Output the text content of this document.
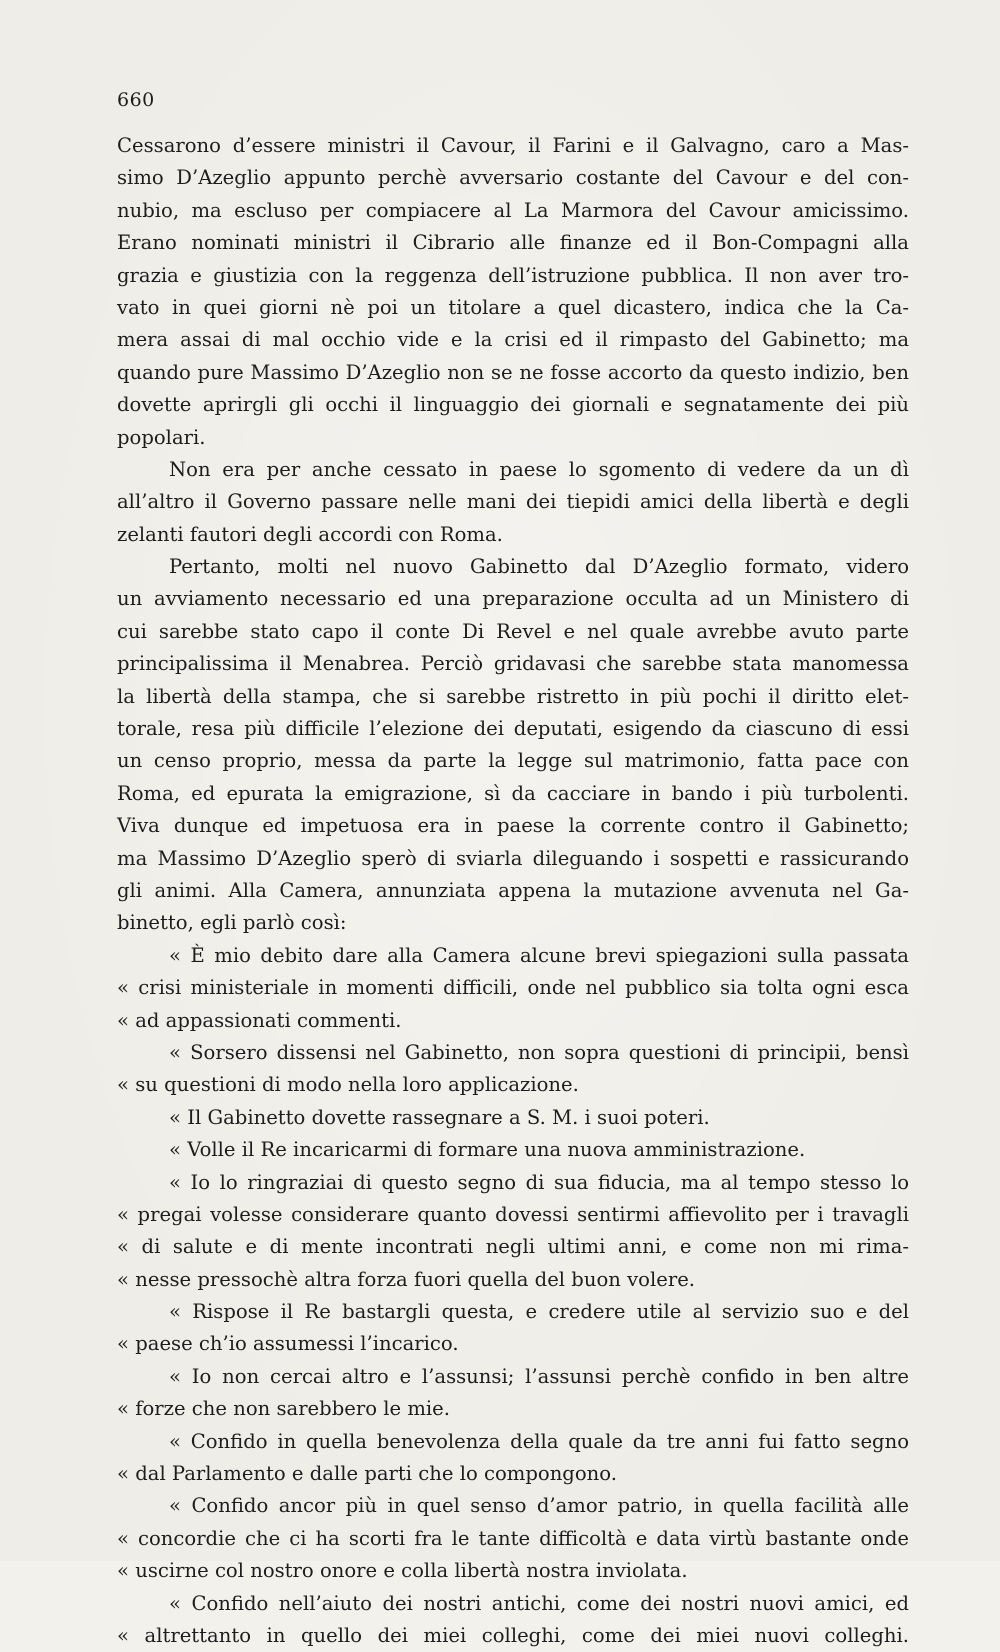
660
Cessarono d’essere ministri il Cavour, il Farini e il Galvagno, caro a Mas-
simo D’Azeglio appunto perchè avversario costante del Cavour e del con-
nubio, ma escluso per compiacere al La Marmora del Cavour amicissimo.
Erano nominati ministri il Cibrario alle finanze ed il Bon-Compagni alla
grazia e giustizia con la reggenza dell’istruzione pubblica. Il non aver tro-
vato in quei giorni nè poi un titolare a quel dicastero, indica che la Ca-
mera assai di mal occhio vide e la crisi ed il rimpasto del Gabinetto; ma
quando pure Massimo D’Azeglio non se ne fosse accorto da questo indizio, ben
dovette aprirgli gli occhi il linguaggio dei giornali e segnatamente dei più
popolari.
Non era per anche cessato in paese lo sgomento di vedere da un dì
all’altro il Governo passare nelle mani dei tiepidi amici della libertà e degli
zelanti fautori degli accordi con Roma.
Pertanto, molti nel nuovo Gabinetto dal D’Azeglio formato, videro
un avviamento necessario ed una preparazione occulta ad un Ministero di
cui sarebbe stato capo il conte Di Revel e nel quale avrebbe avuto parte
principalissima il Menabrea. Perciò gridavasi che sarebbe stata manomessa
la libertà della stampa, che si sarebbe ristretto in più pochi il diritto elet-
torale, resa più difficile l’elezione dei deputati, esigendo da ciascuno di essi
un censo proprio, messa da parte la legge sul matrimonio, fatta pace con
Roma, ed epurata la emigrazione, sì da cacciare in bando i più turbolenti.
Viva dunque ed impetuosa era in paese la corrente contro il Gabinetto;
ma Massimo D’Azeglio sperò di sviarla dileguando i sospetti e rassicurando
gli animi. Alla Camera, annunziata appena la mutazione avvenuta nel Ga-
binetto, egli parlò così:
« È mio debito dare alla Camera alcune brevi spiegazioni sulla passata
« crisi ministeriale in momenti difficili, onde nel pubblico sia tolta ogni esca
« ad appassionati commenti.
« Sorsero dissensi nel Gabinetto, non sopra questioni di principii, bensì
« su questioni di modo nella loro applicazione.
« Il Gabinetto dovette rassegnare a S. M. i suoi poteri.
« Volle il Re incaricarmi di formare una nuova amministrazione.
« Io lo ringraziai di questo segno di sua fiducia, ma al tempo stesso lo
« pregai volesse considerare quanto dovessi sentirmi affievolito per i travagli
« di salute e di mente incontrati negli ultimi anni, e come non mi rima-
« nesse pressochè altra forza fuori quella del buon volere.
« Rispose il Re bastargli questa, e credere utile al servizio suo e del
« paese ch’io assumessi l’incarico.
« Io non cercai altro e l’assunsi; l’assunsi perchè confido in ben altre
« forze che non sarebbero le mie.
« Confido in quella benevolenza della quale da tre anni fui fatto segno
« dal Parlamento e dalle parti che lo compongono.
« Confido ancor più in quel senso d’amor patrio, in quella facilità alle
« concordie che ci ha scorti fra le tante difficoltà e data virtù bastante onde
« uscirne col nostro onore e colla libertà nostra inviolata.
« Confido nell’aiuto dei nostri antichi, come dei nostri nuovi amici, ed
« altrettanto in quello dei miei colleghi, come dei miei nuovi colleghi.
